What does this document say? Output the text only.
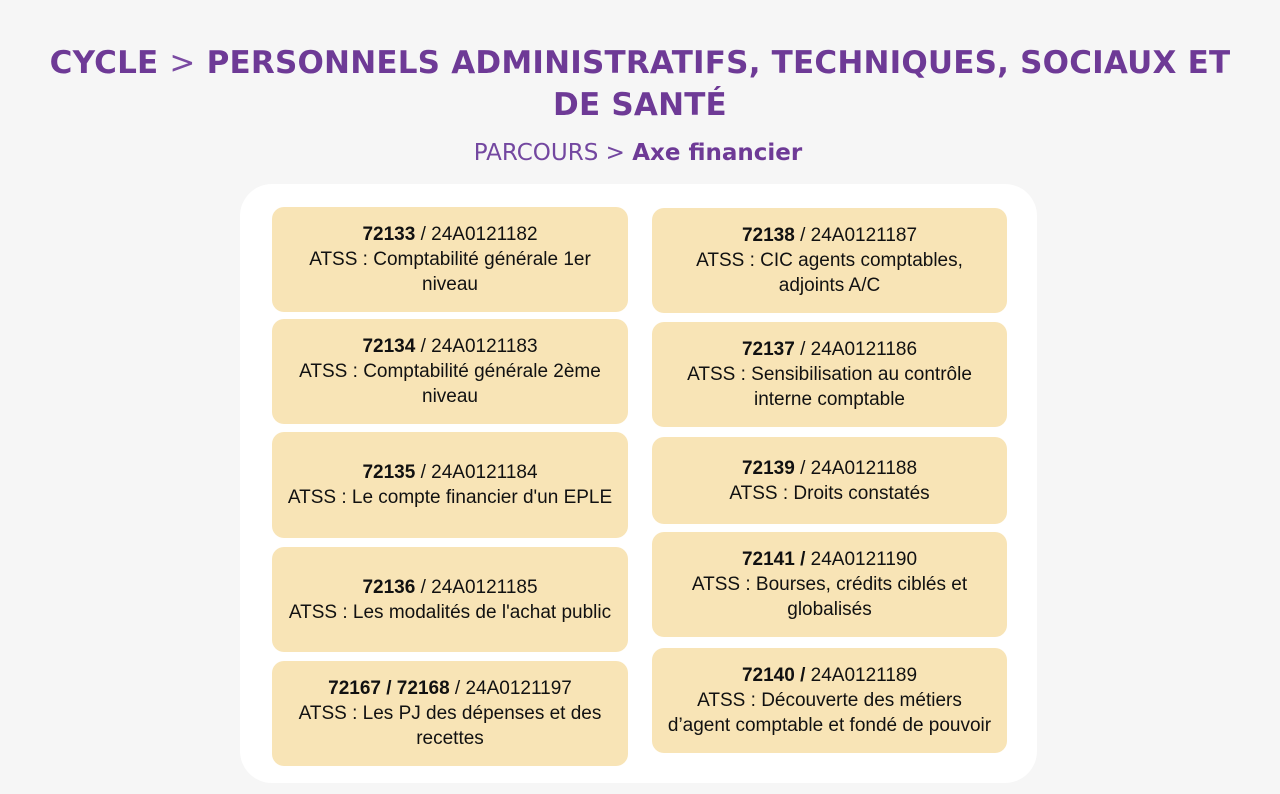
CYCLE > PERSONNELS ADMINISTRATIFS, TECHNIQUES, SOCIAUX ET DE SANTÉ
PARCOURS > Axe financier
72133 / 24A0121182
ATSS : Comptabilité générale 1er niveau
72134 / 24A0121183
ATSS : Comptabilité générale 2ème niveau
72135 / 24A0121184
ATSS : Le compte financier d'un EPLE
72136 / 24A0121185
ATSS : Les modalités de l'achat public
72167 / 72168 / 24A0121197
ATSS : Les PJ des dépenses et des recettes
72138 / 24A0121187
ATSS : CIC agents comptables, adjoints A/C
72137 / 24A0121186
ATSS : Sensibilisation au contrôle interne comptable
72139 / 24A0121188
ATSS : Droits constatés
72141 / 24A0121190
ATSS : Bourses, crédits ciblés et globalisés
72140 / 24A0121189
ATSS : Découverte des métiers d’agent comptable et fondé de pouvoir
